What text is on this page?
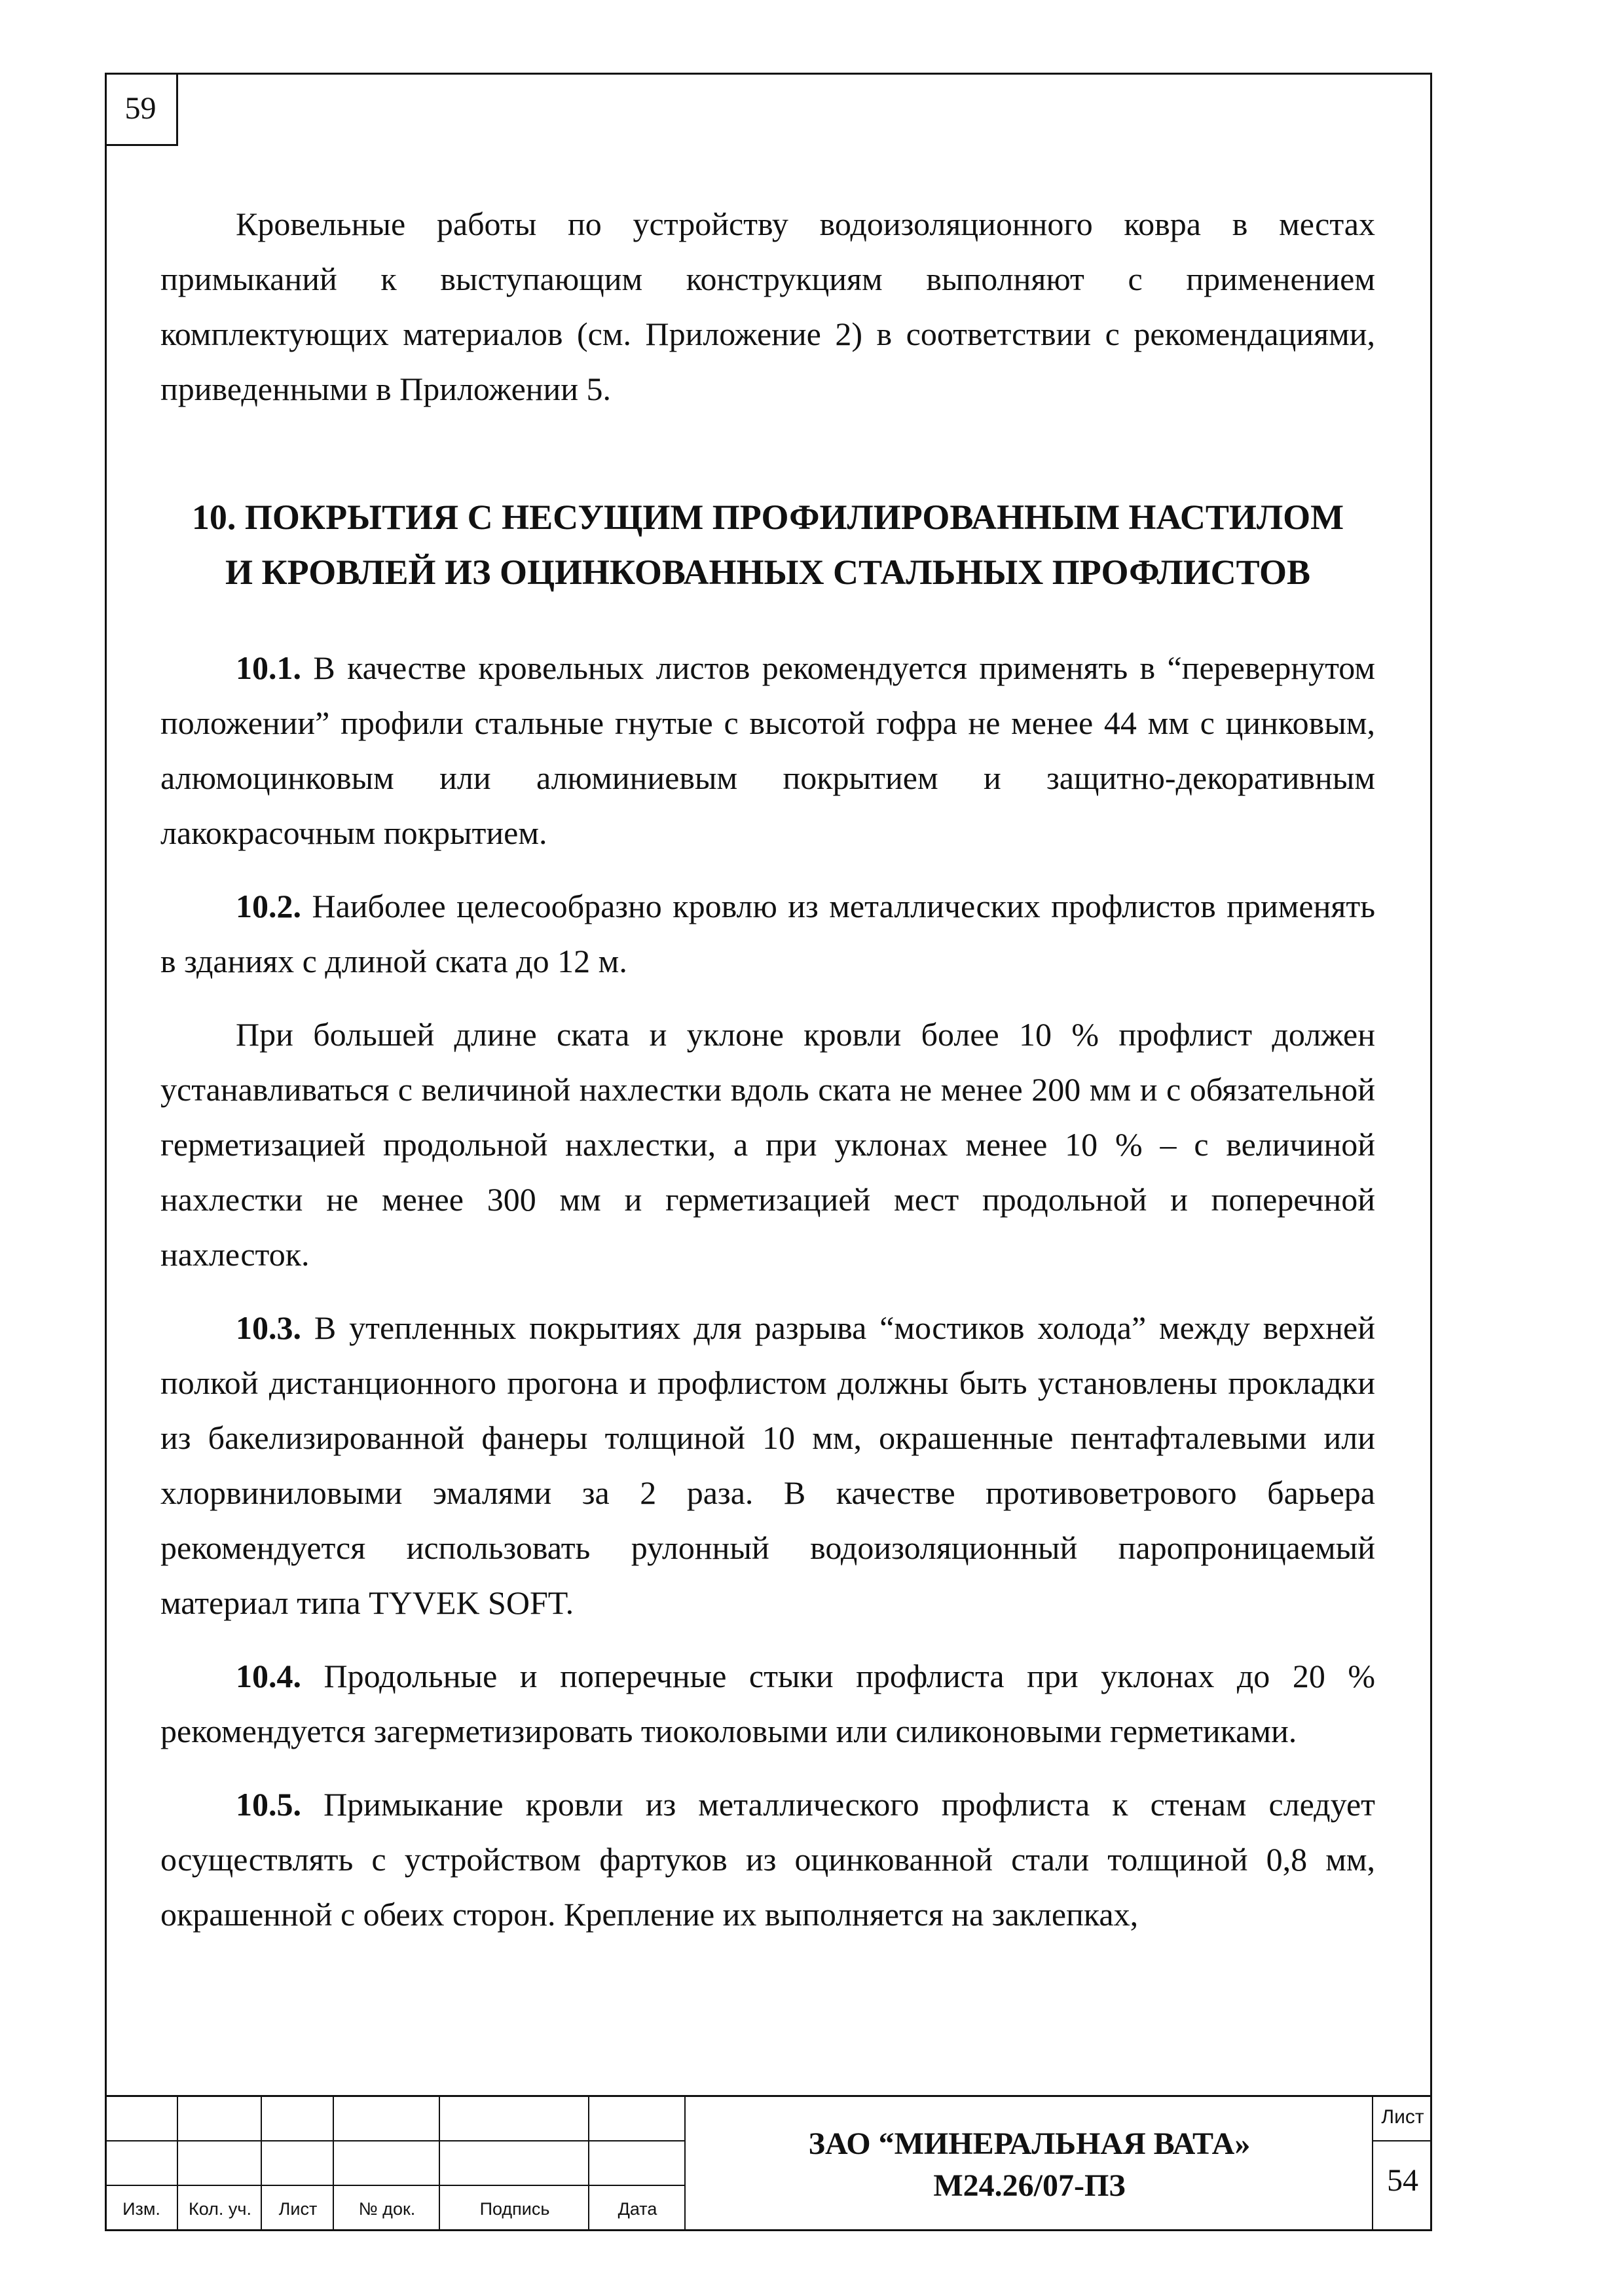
59

Кровельные работы по устройству водоизоляционного ковра в местах примыканий к выступающим конструкциям выполняют с применением комплектующих материалов (см. Приложение 2) в соответствии с рекомендациями, приведенными в Приложении 5.

10. ПОКРЫТИЯ С НЕСУЩИМ ПРОФИЛИРОВАННЫМ НАСТИЛОМ

И КРОВЛЕЙ ИЗ ОЦИНКОВАННЫХ СТАЛЬНЫХ ПРОФЛИСТОВ

10.1. В качестве кровельных листов рекомендуется применять в “перевернутом положении” профили стальные гнутые с высотой гофра не менее 44 мм с цинковым, алюмоцинковым или алюминиевым покрытием и защитно-декоративным лакокрасочным покрытием.

10.2. Наиболее целесообразно кровлю из металлических профлистов применять в зданиях с длиной ската до 12 м.

При большей длине ската и уклоне кровли более 10 % профлист должен устанавливаться с величиной нахлестки вдоль ската не менее 200 мм и с обязательной герметизацией продольной нахлестки, а при уклонах менее 10 % – с величиной нахлестки не менее 300 мм и герметизацией мест продольной и поперечной нахлесток.

10.3. В утепленных покрытиях для разрыва “мостиков холода” между верхней полкой дистанционного прогона и профлистом должны быть установлены прокладки из бакелизированной фанеры толщиной 10 мм, окрашенные пентафталевыми или хлорвиниловыми эмалями за 2 раза. В качестве противоветрового барьера рекомендуется использовать рулонный водоизоляционный паропроницаемый материал типа TYVEK SOFT.

10.4. Продольные и поперечные стыки профлиста при уклонах до 20 % рекомендуется загерметизировать тиоколовыми или силиконовыми герметиками.

10.5. Примыкание кровли из металлического профлиста к стенам следует осуществлять с устройством фартуков из оцинкованной стали толщиной 0,8 мм, окрашенной с обеих сторон. Крепление их выполняется на заклепках,

Изм.	Кол. уч.	Лист	№ док.	Подпись	Дата
ЗАО “МИНЕРАЛЬНАЯ ВАТА»
М24.26/07-ПЗ
Лист
54
